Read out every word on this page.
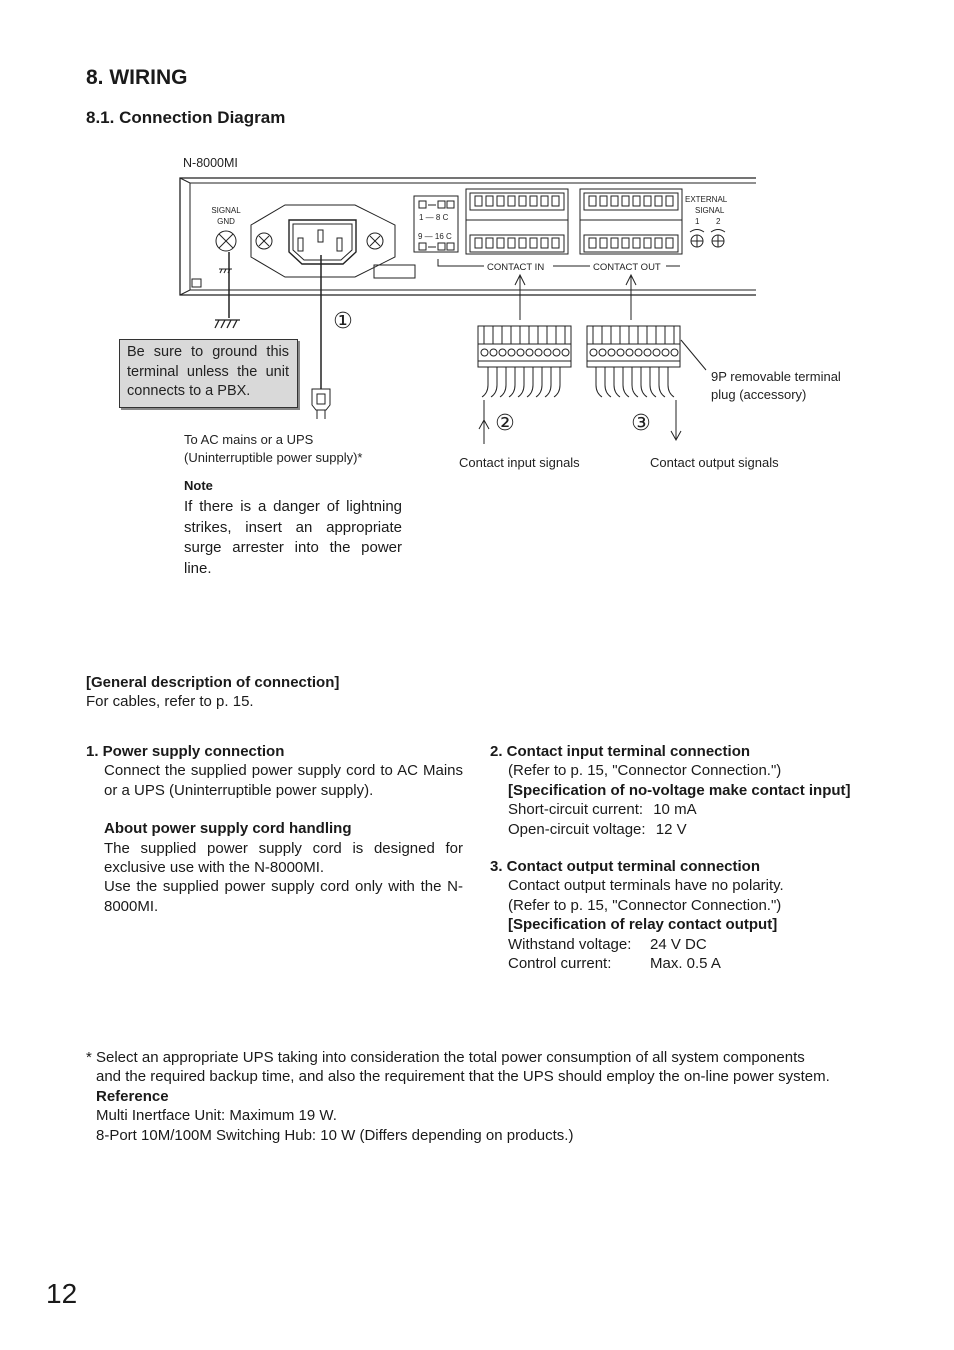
8. WIRING
8.1. Connection Diagram
N-8000MI
SIGNAL
GND	1 — 8 C
9 — 16 C
CONTACT IN	CONTACT OUT
EXTERNAL
SIGNAL
1 2
①
②	③
9P removable terminal
plug (accessory)
Contact input signals	Contact output signals
To AC mains or a UPS
(Uninterruptible power supply)*
Be sure to ground this terminal unless the unit connects to a PBX.
Note
If there is a danger of lightning strikes, insert an appropriate surge arrester into the power line.
[General description of connection]
For cables, refer to p. 15.
1. Power supply connection
Connect the supplied power supply cord to AC Mains or a UPS (Uninterruptible power supply).
About power supply cord handling
The supplied power supply cord is designed for exclusive use with the N-8000MI.
Use the supplied power supply cord only with the N-8000MI.
2. Contact input terminal connection
(Refer to p. 15, "Connector Connection.")
[Specification of no-voltage make contact input]
Short-circuit current: 10 mA
Open-circuit voltage: 12 V
3. Contact output terminal connection
Contact output terminals have no polarity.
(Refer to p. 15, "Connector Connection.")
[Specification of relay contact output]
Withstand voltage: 24 V DC
Control current:	Max. 0.5 A
* Select an appropriate UPS taking into consideration the total power consumption of all system components
and the required backup time, and also the requirement that the UPS should employ the on-line power system.
Reference
Multi Inertface Unit: Maximum 19 W.
8-Port 10M/100M Switching Hub: 10 W (Differs depending on products.)
12
